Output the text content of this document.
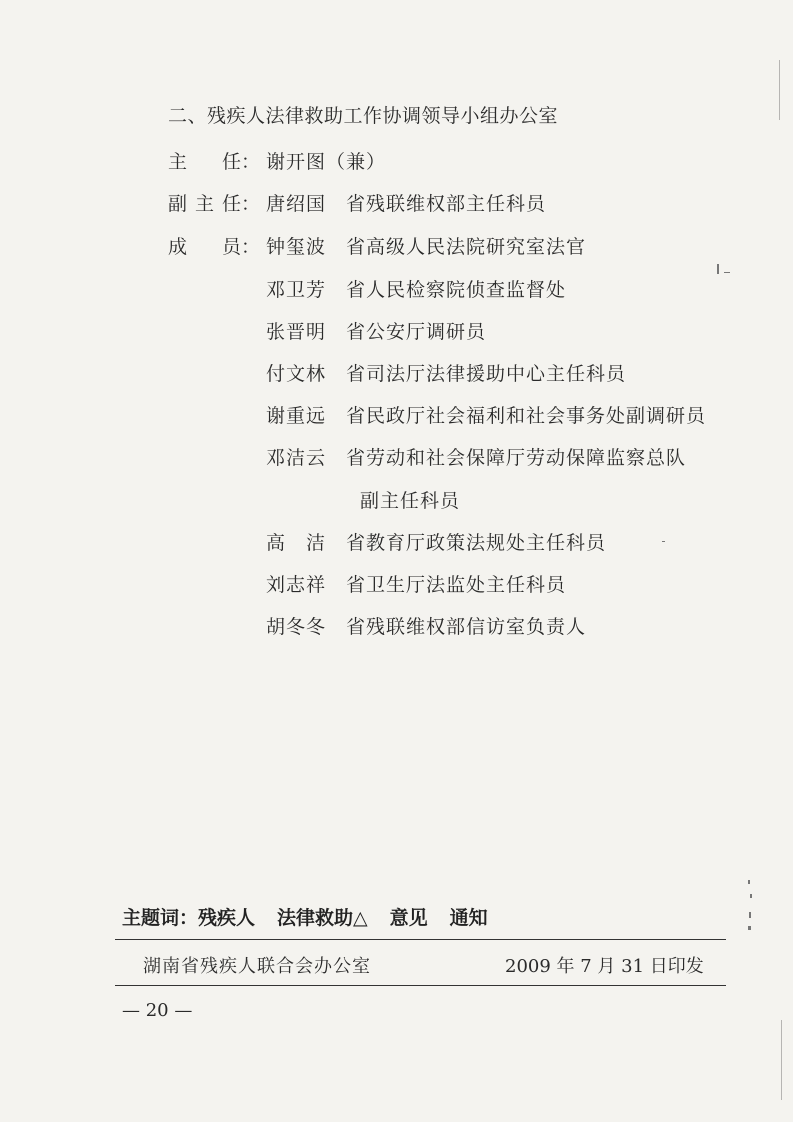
二、残疾人法律救助工作协调领导小组办公室
主 任： 谢开图（兼）
副 主 任： 唐绍国 省残联维权部主任科员
成 员： 钟玺波 省高级人民法院研究室法官
邓卫芳 省人民检察院侦查监督处
张晋明 省公安厅调研员
付文林 省司法厅法律援助中心主任科员
谢重远 省民政厅社会福利和社会事务处副调研员
邓洁云 省劳动和社会保障厅劳动保障监察总队
副主任科员
高　洁 省教育厅政策法规处主任科员
刘志祥 省卫生厅法监处主任科员
胡冬冬 省残联维权部信访室负责人
主题词：残疾人 法律救助△ 意见 通知
湖南省残疾人联合会办公室	2009 年 7 月 31 日印发
— 20 —
